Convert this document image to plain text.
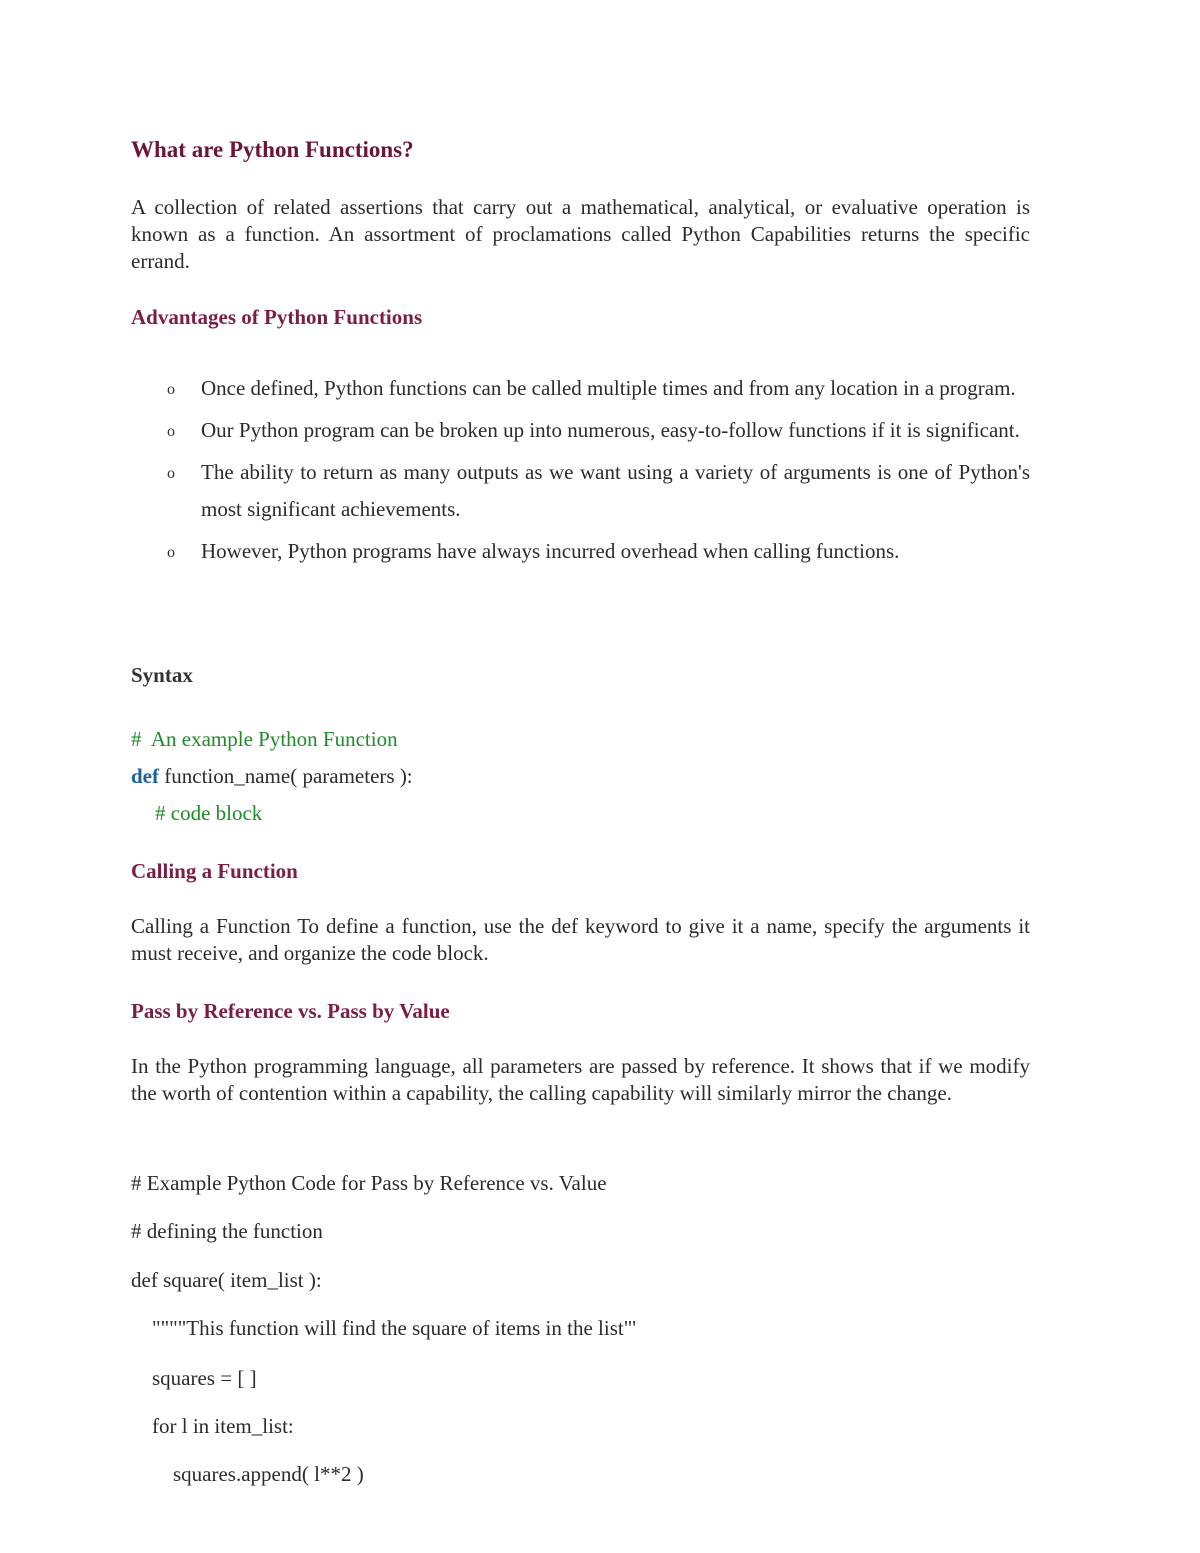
What are Python Functions?

A collection of related assertions that carry out a mathematical, analytical, or evaluative operation is known as a function. An assortment of proclamations called Python Capabilities returns the specific errand.

Advantages of Python Functions
o Once defined, Python functions can be called multiple times and from any location in a program.
o Our Python program can be broken up into numerous, easy-to-follow functions if it is significant.
o The ability to return as many outputs as we want using a variety of arguments is one of Python's most significant achievements.
o However, Python programs have always incurred overhead when calling functions.
Syntax
#  An example Python Function
def function_name( parameters ):
# code block
Calling a Function

Calling a Function To define a function, use the def keyword to give it a name, specify the arguments it must receive, and organize the code block.

Pass by Reference vs. Pass by Value

In the Python programming language, all parameters are passed by reference. It shows that if we modify the worth of contention within a capability, the calling capability will similarly mirror the change.

# Example Python Code for Pass by Reference vs. Value
# defining the function
def square( item_list ):
""""This function will find the square of items in the list"'
squares = [ ]
for l in item_list:
squares.append( l**2 )
